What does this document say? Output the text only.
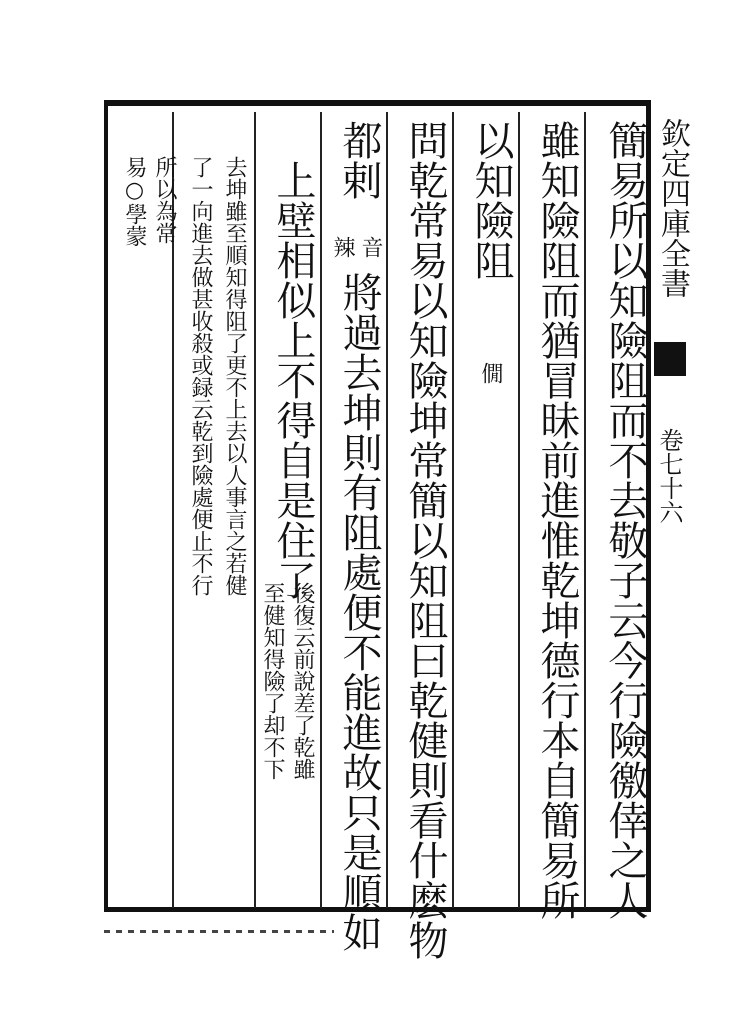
欽定四庫全書
卷七十六
簡易所以知險阻而不去敬子云今行險徼倖之人
雖知險阻而猶冒昧前進惟乾坤德行本自簡易所
以知險阻
僩
問乾常易以知險坤常簡以知阻曰乾健則看什麽物
都剌
音
辣
將過去坤則有阻處便不能進故只是順如
上壁相似上不得自是住了
後復云前說差了乾雖
至健知得險了却不下
去坤雖至順知得阻了更不上去以人事言之若健
了一向進去做甚收殺或録云乾到險處便止不行
所以為常
易○學蒙
